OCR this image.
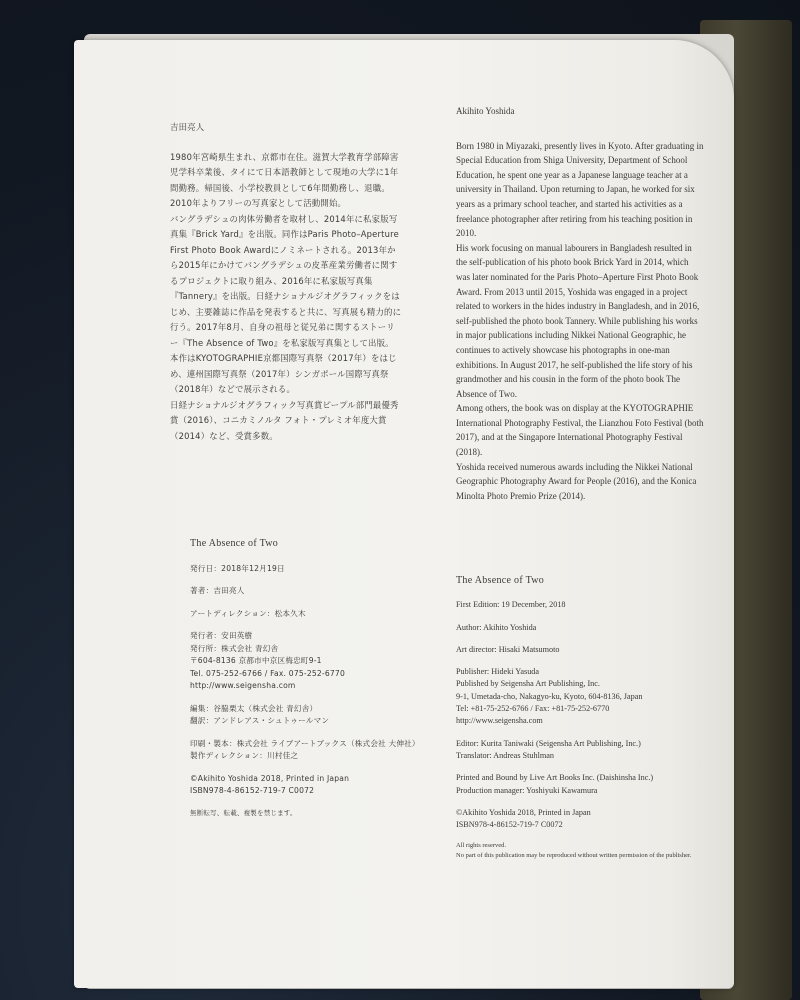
吉田亮人

1980年宮崎県生まれ、京都市在住。滋賀大学教育学部障害児学科卒業後、タイにて日本語教師として現地の大学に1年間勤務。帰国後、小学校教員として6年間勤務し、退職。2010年よりフリーの写真家として活動開始。

バングラデシュの肉体労働者を取材し、2014年に私家版写真集『Brick Yard』を出版。同作はParis Photo–Aperture First Photo Book Awardにノミネートされる。2013年から2015年にかけてバングラデシュの皮革産業労働者に関するプロジェクトに取り組み、2016年に私家版写真集『Tannery』を出版。日経ナショナルジオグラフィックをはじめ、主要雑誌に作品を発表すると共に、写真展も精力的に行う。2017年8月、自身の祖母と従兄弟に関するストーリー『The Absence of Two』を私家版写真集として出版。

本作はKYOTOGRAPHIE京都国際写真祭（2017年）をはじめ、連州国際写真祭（2017年）シンガポール国際写真祭（2018年）などで展示される。

日経ナショナルジオグラフィック写真賞ピープル部門最優秀賞（2016）、コニカミノルタ フォト・プレミオ年度大賞（2014）など、受賞多数。

Akihito Yoshida

Born 1980 in Miyazaki, presently lives in Kyoto. After graduating in Special Education from Shiga University, Department of School Education, he spent one year as a Japanese language teacher at a university in Thailand. Upon returning to Japan, he worked for six years as a primary school teacher, and started his activities as a freelance photographer after retiring from his teaching position in 2010.

His work focusing on manual labourers in Bangladesh resulted in the self-publication of his photo book Brick Yard in 2014, which was later nominated for the Paris Photo–Aperture First Photo Book Award. From 2013 until 2015, Yoshida was engaged in a project related to workers in the hides industry in Bangladesh, and in 2016, self-published the photo book Tannery. While publishing his works in major publications including Nikkei National Geographic, he continues to actively showcase his photographs in one-man exhibitions. In August 2017, he self-published the life story of his grandmother and his cousin in the form of the photo book The Absence of Two.

Among others, the book was on display at the KYOTOGRAPHIE International Photography Festival, the Lianzhou Foto Festival (both 2017), and at the Singapore International Photography Festival (2018).

Yoshida received numerous awards including the Nikkei National Geographic Photography Award for People (2016), and the Konica Minolta Photo Premio Prize (2014).

The Absence of Two

発行日：2018年12月19日

著者：吉田亮人

アートディレクション：松本久木

発行者：安田英樹

発行所：株式会社 青幻舎

〒604-8136 京都市中京区梅忠町9-1

Tel. 075-252-6766 / Fax. 075-252-6770

http://www.seigensha.com

編集：谷脇栗太（株式会社 青幻舎）

翻訳：アンドレアス・シュトゥールマン

印刷・製本：株式会社 ライブアートブックス（株式会社 大伸社）

製作ディレクション：川村佳之

©Akihito Yoshida 2018, Printed in Japan

ISBN978-4-86152-719-7 C0072

無断転写、転載、複製を禁じます。

The Absence of Two

First Edition: 19 December, 2018

Author: Akihito Yoshida

Art director: Hisaki Matsumoto

Publisher: Hideki Yasuda

Published by Seigensha Art Publishing, Inc.

9-1, Umetada-cho, Nakagyo-ku, Kyoto, 604-8136, Japan

Tel: +81-75-252-6766 / Fax: +81-75-252-6770

http://www.seigensha.com

Editor: Kurita Taniwaki (Seigensha Art Publishing, Inc.)

Translator: Andreas Stuhlman

Printed and Bound by Live Art Books Inc. (Daishinsha Inc.)

Production manager: Yoshiyuki Kawamura

©Akihito Yoshida 2018, Printed in Japan

ISBN978-4-86152-719-7 C0072

All rights reserved.

No part of this publication may be reproduced without written permission of the publisher.
